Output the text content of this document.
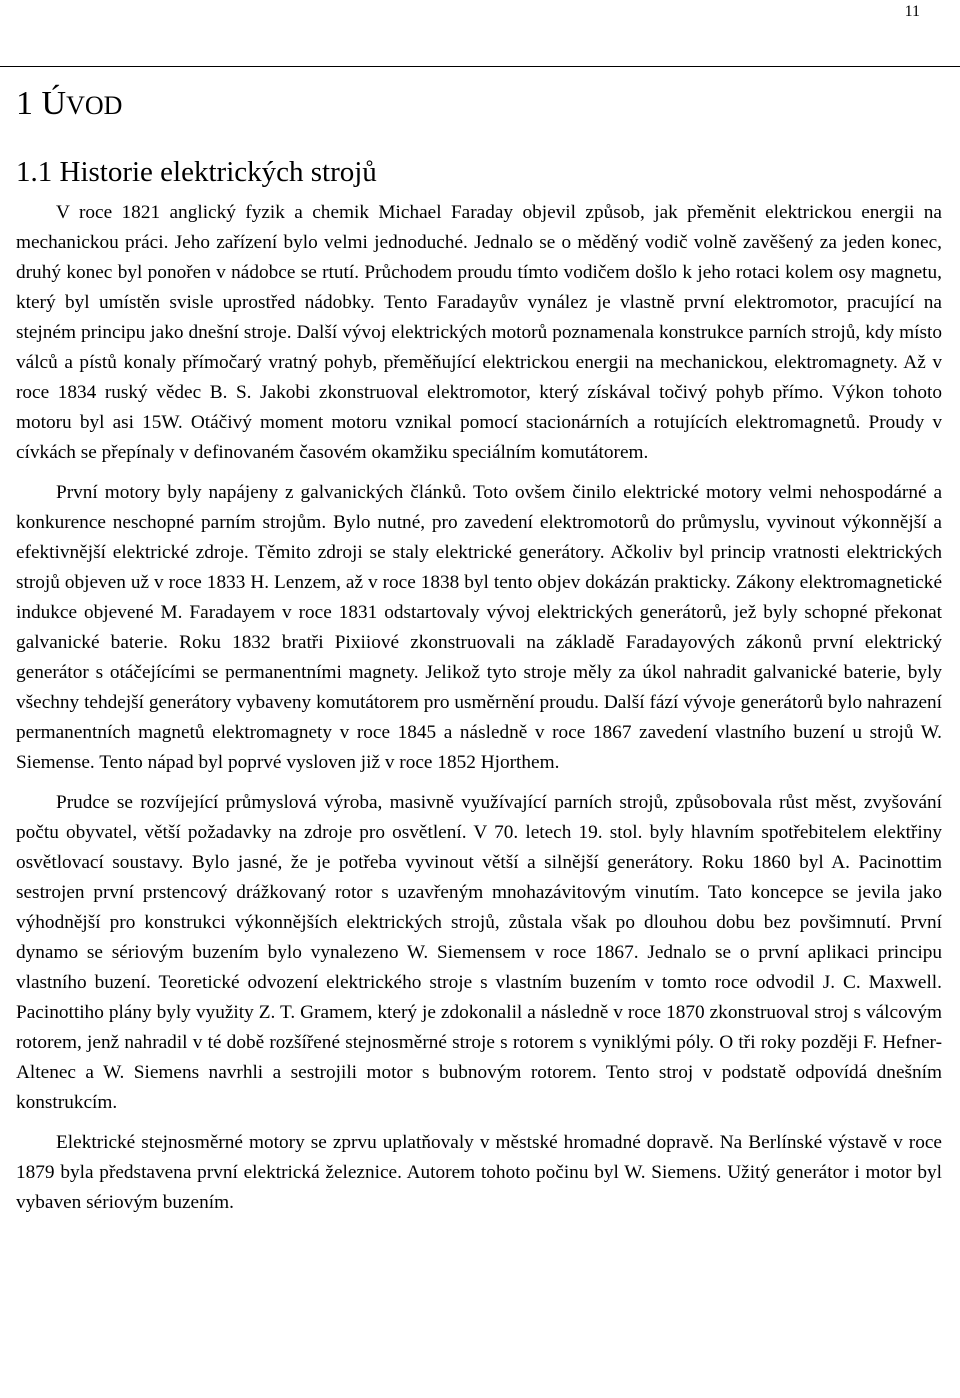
11
1 ÚVOD
1.1 Historie elektrických strojů

V roce 1821 anglický fyzik a chemik Michael Faraday objevil způsob, jak přeměnit elektrickou energii na mechanickou práci. Jeho zařízení bylo velmi jednoduché. Jednalo se o měděný vodič volně zavěšený za jeden konec, druhý konec byl ponořen v nádobce se rtutí. Průchodem proudu tímto vodičem došlo k jeho rotaci kolem osy magnetu, který byl umístěn svisle uprostřed nádobky. Tento Faradayův vynález je vlastně první elektromotor, pracující na stejném principu jako dnešní stroje. Další vývoj elektrických motorů poznamenala konstrukce parních strojů, kdy místo válců a pístů konaly přímočarý vratný pohyb, přeměňující elektrickou energii na mechanickou, elektromagnety. Až v roce 1834 ruský vědec B. S. Jakobi zkonstruoval elektromotor, který získával točivý pohyb přímo. Výkon tohoto motoru byl asi 15W. Otáčivý moment motoru vznikal pomocí stacionárních a rotujících elektromagnetů. Proudy v cívkách se přepínaly v definovaném časovém okamžiku speciálním komutátorem.

První motory byly napájeny z galvanických článků. Toto ovšem činilo elektrické motory velmi nehospodárné a konkurence neschopné parním strojům. Bylo nutné, pro zavedení elektromotorů do průmyslu, vyvinout výkonnější a efektivnější elektrické zdroje. Těmito zdroji se staly elektrické generátory. Ačkoliv byl princip vratnosti elektrických strojů objeven už v roce 1833 H. Lenzem, až v roce 1838 byl tento objev dokázán prakticky. Zákony elektromagnetické indukce objevené M. Faradayem v roce 1831 odstartovaly vývoj elektrických generátorů, jež byly schopné překonat galvanické baterie. Roku 1832 bratři Pixiiové zkonstruovali na základě Faradayových zákonů první elektrický generátor s otáčejícími se permanentními magnety. Jelikož tyto stroje měly za úkol nahradit galvanické baterie, byly všechny tehdejší generátory vybaveny komutátorem pro usměrnění proudu. Další fází vývoje generátorů bylo nahrazení permanentních magnetů elektromagnety v roce 1845 a následně v roce 1867 zavedení vlastního buzení u strojů W. Siemense. Tento nápad byl poprvé vysloven již v roce 1852 Hjorthem.

Prudce se rozvíjející průmyslová výroba, masivně využívající parních strojů, způsobovala růst měst, zvyšování počtu obyvatel, větší požadavky na zdroje pro osvětlení. V 70. letech 19. stol. byly hlavním spotřebitelem elektřiny osvětlovací soustavy. Bylo jasné, že je potřeba vyvinout větší a silnější generátory. Roku 1860 byl A. Pacinottim sestrojen první prstencový drážkovaný rotor s uzavřeným mnohazávitovým vinutím. Tato koncepce se jevila jako výhodnější pro konstrukci výkonnějších elektrických strojů, zůstala však po dlouhou dobu bez povšimnutí. První dynamo se sériovým buzením bylo vynalezeno W. Siemensem v roce 1867. Jednalo se o první aplikaci principu vlastního buzení. Teoretické odvození elektrického stroje s vlastním buzením v tomto roce odvodil J. C. Maxwell. Pacinottiho plány byly využity Z. T. Gramem, který je zdokonalil a následně v roce 1870 zkonstruoval stroj s válcovým rotorem, jenž nahradil v té době rozšířené stejnosměrné stroje s rotorem s vyniklými póly. O tři roky později F. Hefner-Altenec a W. Siemens navrhli a sestrojili motor s bubnovým rotorem. Tento stroj v podstatě odpovídá dnešním konstrukcím.

Elektrické stejnosměrné motory se zprvu uplatňovaly v městské hromadné dopravě. Na Berlínské výstavě v roce 1879 byla představena první elektrická železnice. Autorem tohoto počinu byl W. Siemens. Užitý generátor i motor byl vybaven sériovým buzením.
